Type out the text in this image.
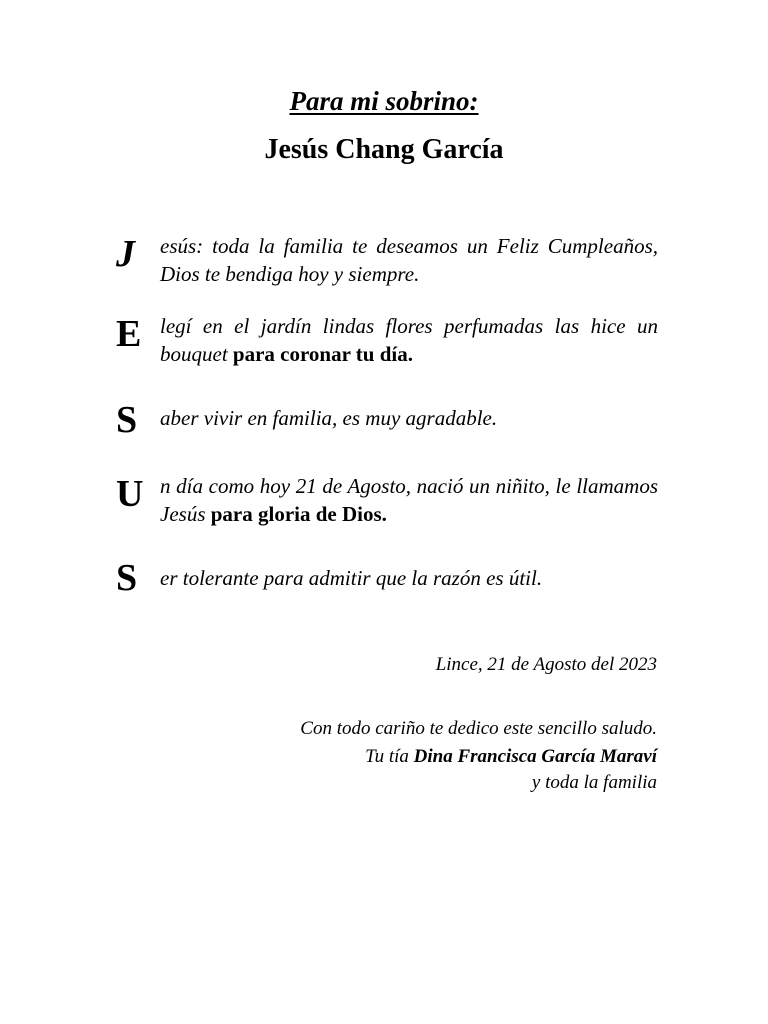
Para mi sobrino:
Jesús Chang García
J esús: toda la familia te deseamos un Feliz Cumpleaños, Dios te bendiga hoy y siempre.
E legí en el jardín lindas flores perfumadas las hice un bouquet para coronar tu día.
S aber vivir en familia, es muy agradable.
U n día como hoy 21 de Agosto, nació un niñito, le llamamos Jesús para gloria de Dios.
S er tolerante para admitir que la razón es útil.
Lince, 21 de Agosto del 2023
Con todo cariño te dedico este sencillo saludo.
Tu tía Dina Francisca García Maraví
y toda la familia
